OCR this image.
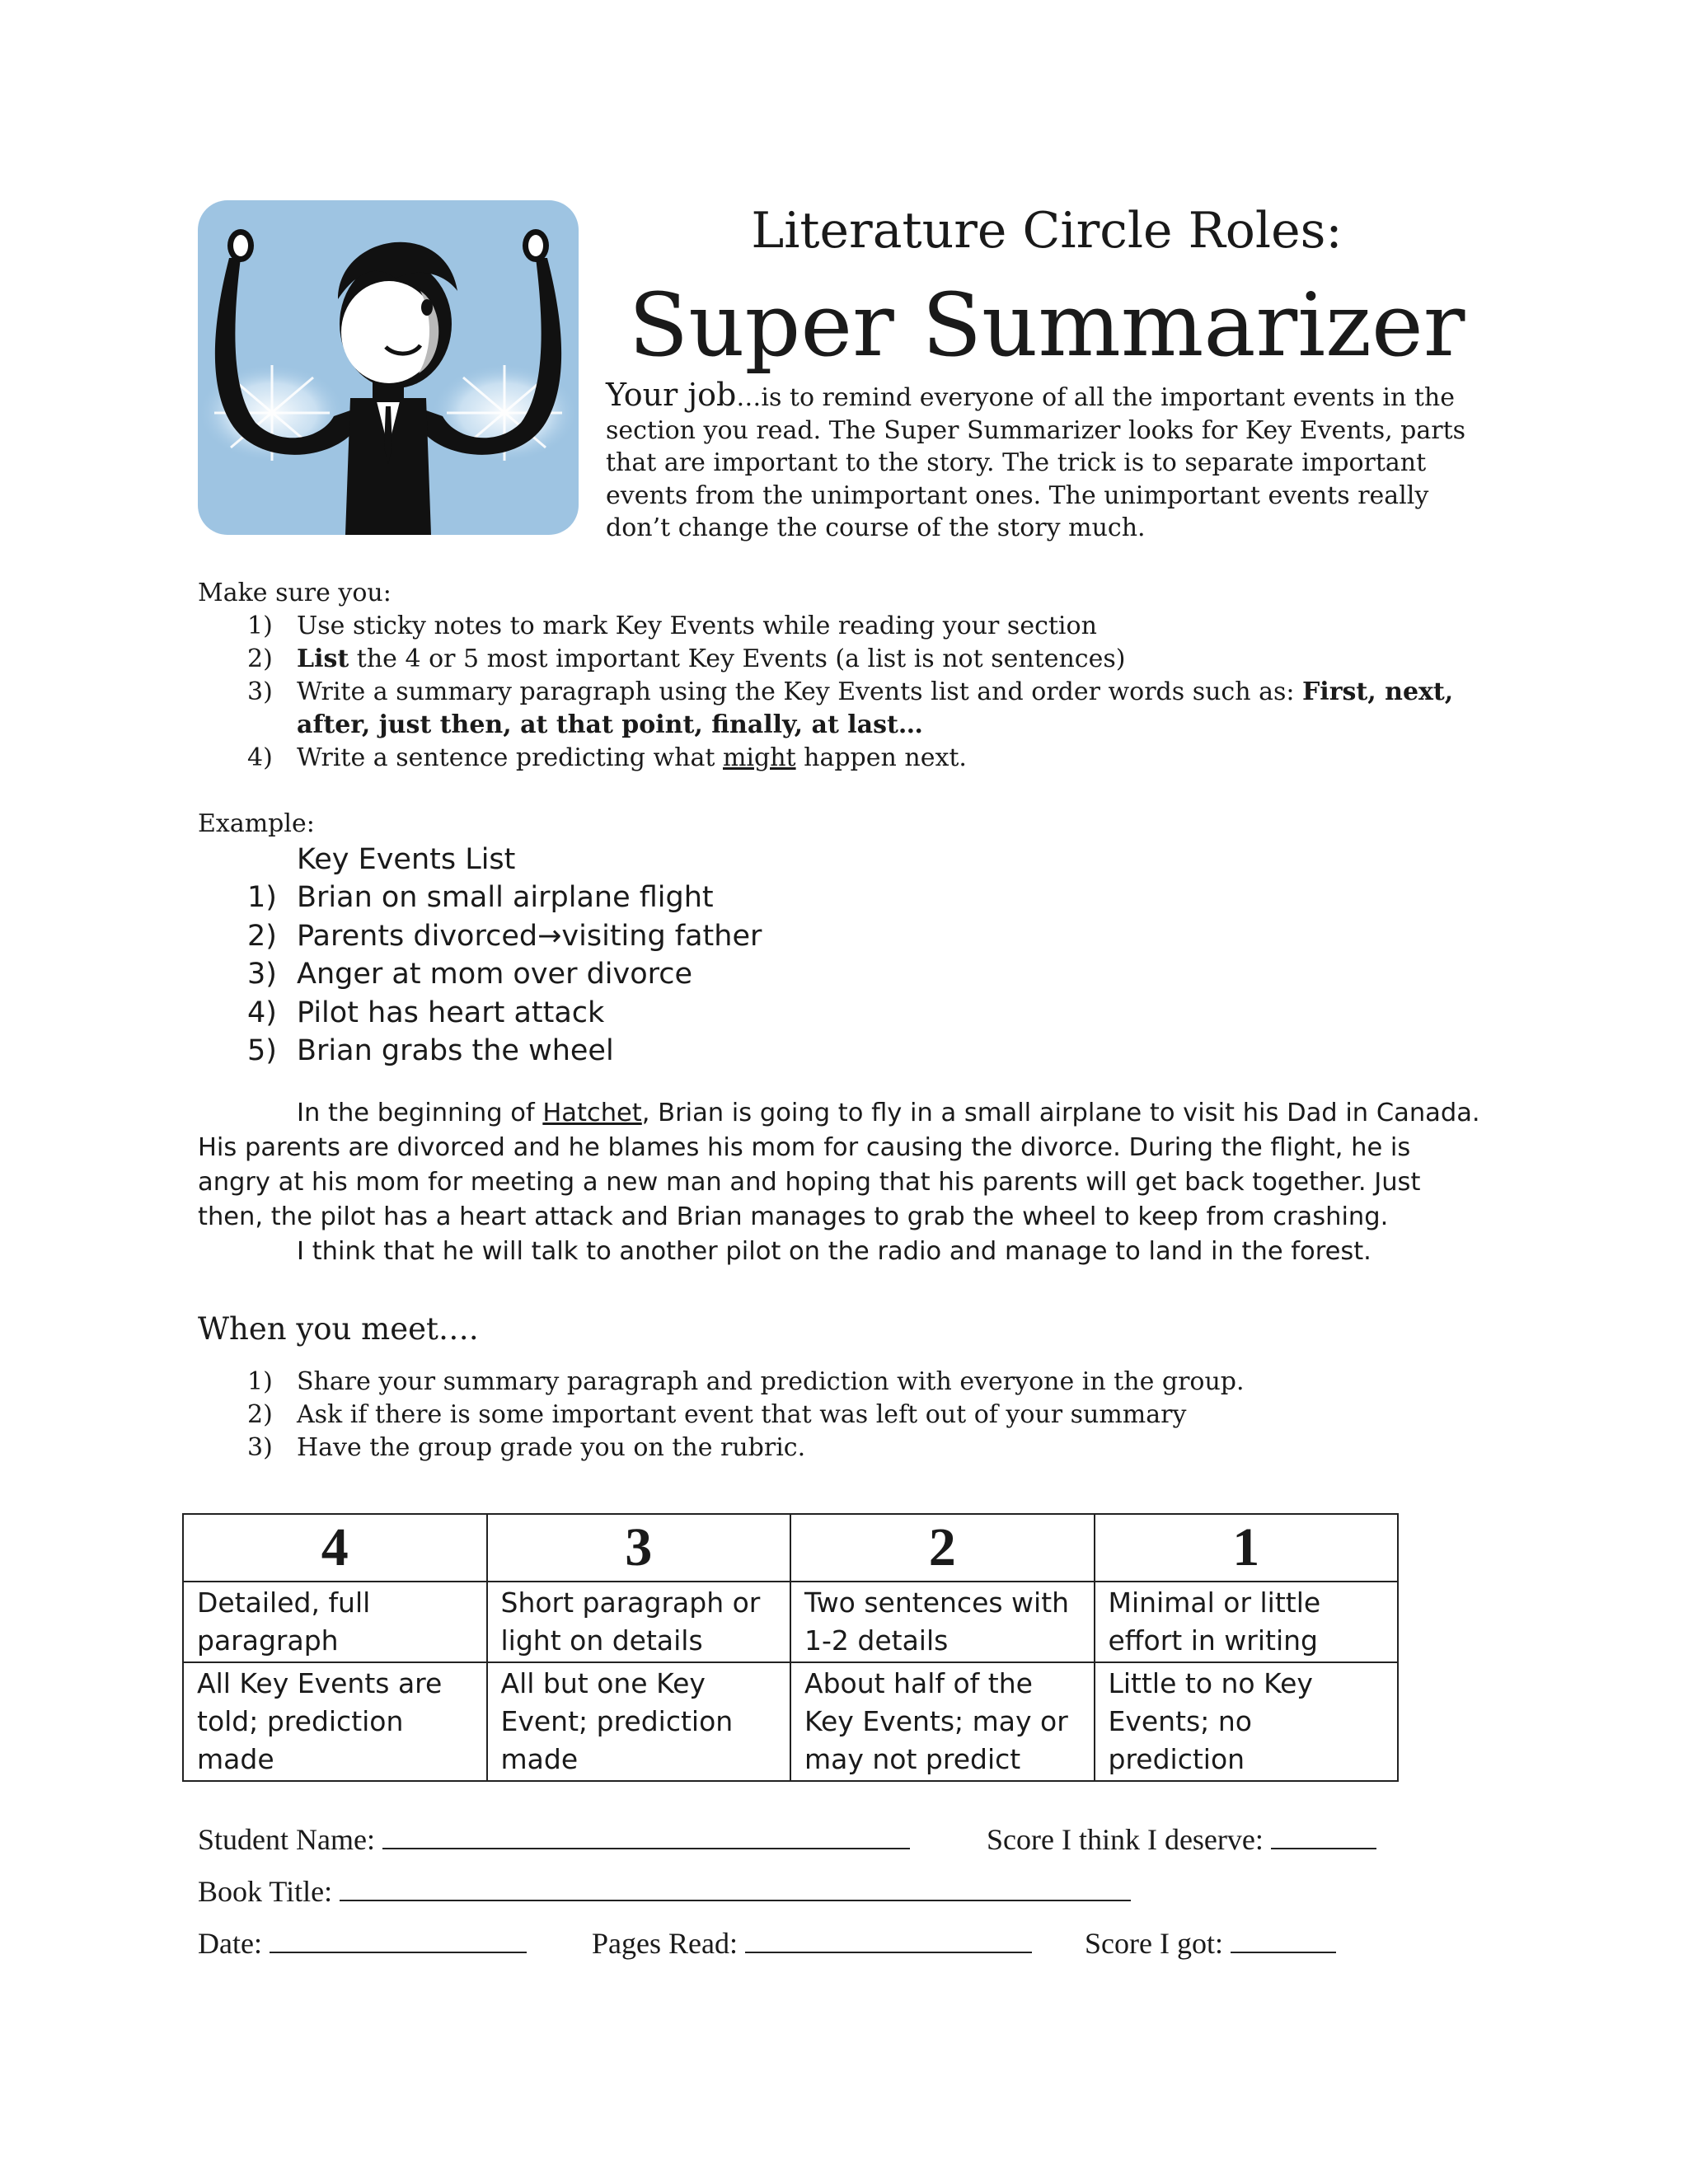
Literature Circle Roles:
Super Summarizer
Your job…is to remind everyone of all the important events in the section you read. The Super Summarizer looks for Key Events, parts that are important to the story. The trick is to separate important events from the unimportant ones. The unimportant events really don’t change the course of the story much.
Make sure you:
1) Use sticky notes to mark Key Events while reading your section
2) List the 4 or 5 most important Key Events (a list is not sentences)
3) Write a summary paragraph using the Key Events list and order words such as: First, next, after, just then, at that point, finally, at last…
4) Write a sentence predicting what might happen next.
Example:
Key Events List
1) Brian on small airplane flight
2) Parents divorced→visiting father
3) Anger at mom over divorce
4) Pilot has heart attack
5) Brian grabs the wheel

In the beginning of Hatchet, Brian is going to fly in a small airplane to visit his Dad in Canada. His parents are divorced and he blames his mom for causing the divorce. During the flight, he is angry at his mom for meeting a new man and hoping that his parents will get back together. Just then, the pilot has a heart attack and Brian manages to grab the wheel to keep from crashing.

I think that he will talk to another pilot on the radio and manage to land in the forest.

When you meet….
1) Share your summary paragraph and prediction with everyone in the group.
2) Ask if there is some important event that was left out of your summary
3) Have the group grade you on the rubric.
4	3	2	1
Detailed, full paragraph	Short paragraph or light on details	Two sentences with 1-2 details	Minimal or little effort in writing
All Key Events are told; prediction made	All but one Key Event; prediction made	About half of the Key Events; may or may not predict	Little to no Key Events; no prediction
Student Name:	Score I think I deserve:
Book Title:
Date:	Pages Read:	Score I got:
